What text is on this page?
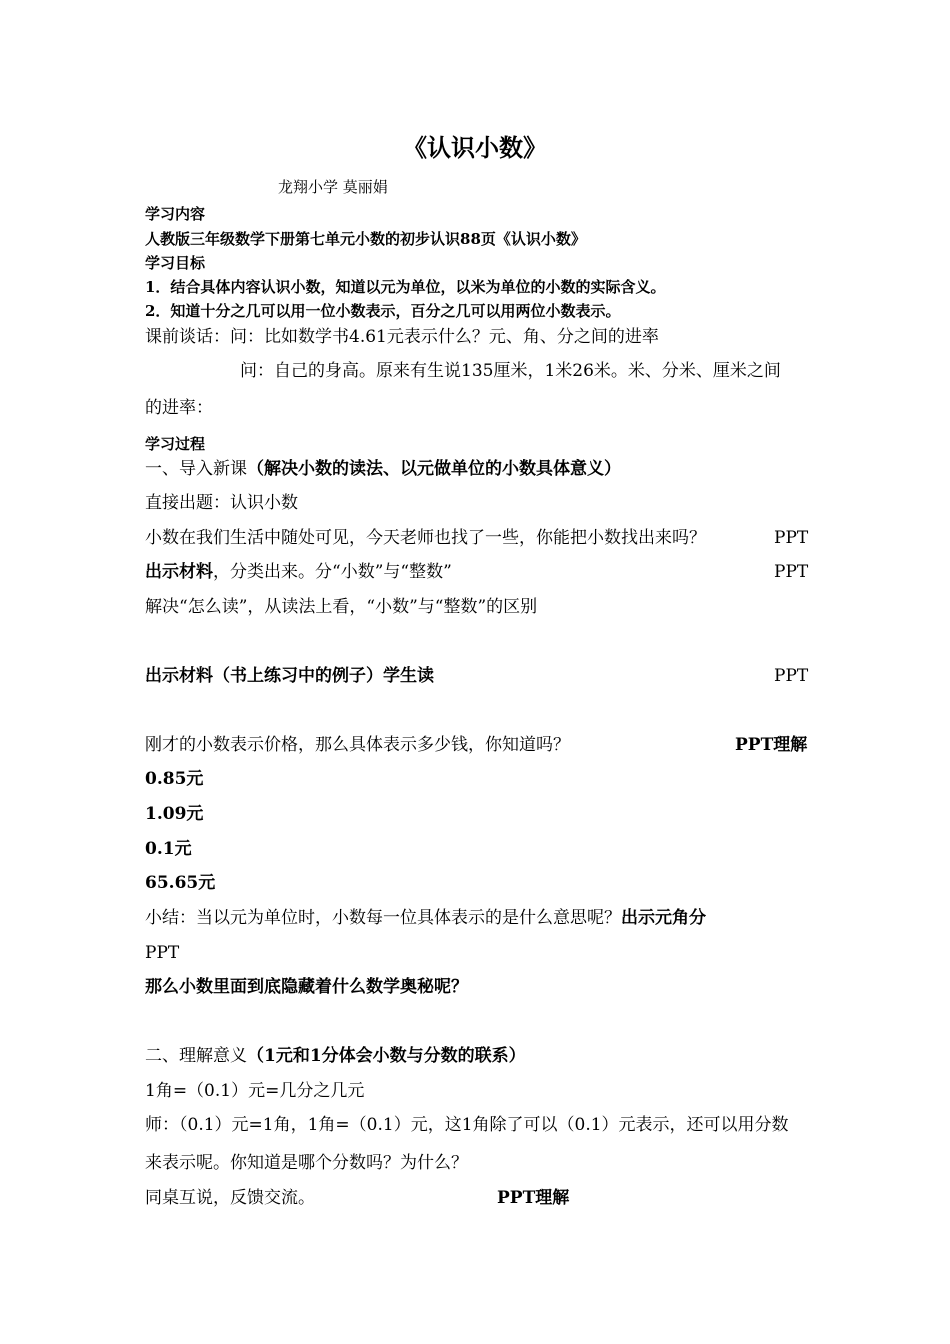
《认识小数》
龙翔小学 莫丽娟
学习内容
人教版三年级数学下册第七单元小数的初步认识88页《认识小数》
学习目标
1．结合具体内容认识小数，知道以元为单位，以米为单位的小数的实际含义。
2．知道十分之几可以用一位小数表示，百分之几可以用两位小数表示。
课前谈话：问：比如数学书4.61元表示什么？元、角、分之间的进率
问：自己的身高。原来有生说135厘米，1米26米。米、分米、厘米之间
的进率：
学习过程
一、导入新课（解决小数的读法、以元做单位的小数具体意义）
直接出题：认识小数
小数在我们生活中随处可见，今天老师也找了一些，你能把小数找出来吗？	PPT
出示材料，分类出来。分“小数”与“整数”	PPT
解决“怎么读”，从读法上看，“小数”与“整数”的区别
出示材料（书上练习中的例子）学生读	PPT
刚才的小数表示价格，那么具体表示多少钱，你知道吗？	PPT理解
0.85元
1.09元
0.1元
65.65元
小结：当以元为单位时，小数每一位具体表示的是什么意思呢？出示元角分
PPT
那么小数里面到底隐藏着什么数学奥秘呢？
二、理解意义（1元和1分体会小数与分数的联系）
1角=（0.1）元=几分之几元
师：（0.1）元=1角，1角=（0.1）元，这1角除了可以（0.1）元表示，还可以用分数
来表示呢。你知道是哪个分数吗？为什么？
同桌互说，反馈交流。	PPT理解
